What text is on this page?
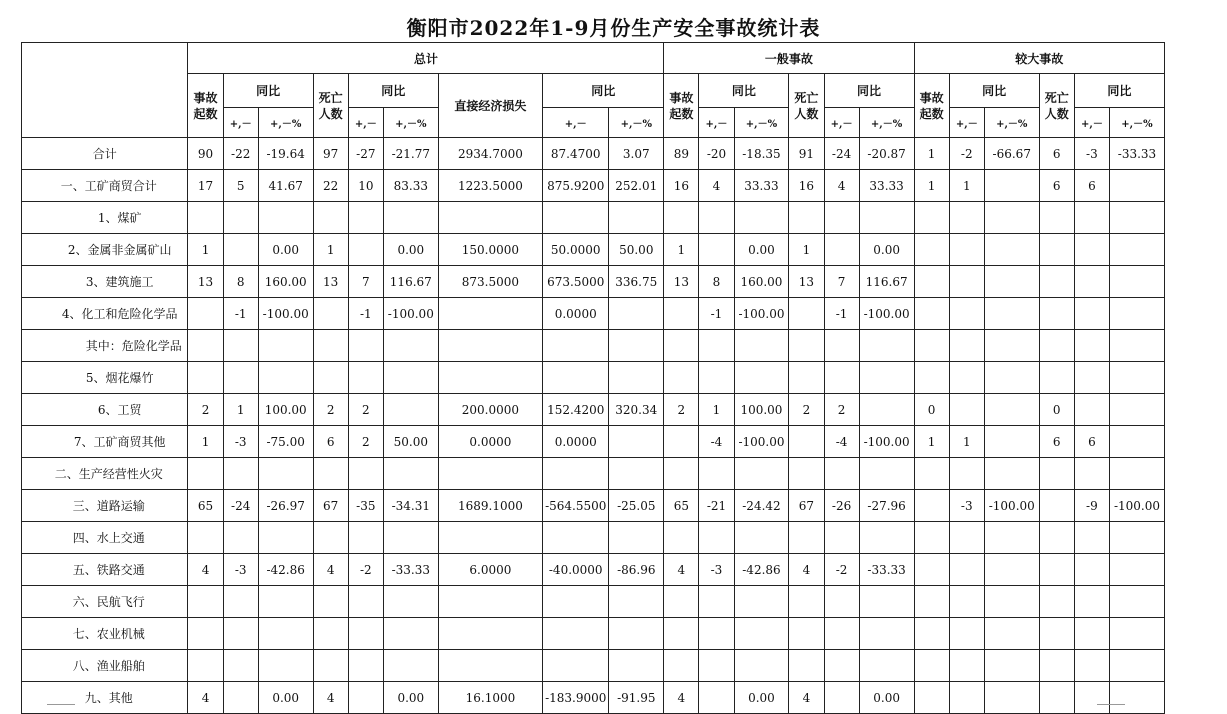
衡阳市2022年1-9月份生产安全事故统计表
	总计									一般事故						较大事故					
	事故起数	同比		死亡人数	同比		直接经济损失	同比		事故起数	同比		死亡人数	同比		事故起数	同比		死亡人数	同比	
		+,－	+,－%		+,－	+,－%		+,－	+,－%		+,－	+,－%		+,－	+,－%		+,－	+,－%		+,－	+,－%
合计	90	-22	-19.64	97	-27	-21.77	2934.7000	87.4700	3.07	89	-20	-18.35	91	-24	-20.87	1	-2	-66.67	6	-3	-33.33
一、工矿商贸合计	17	5	41.67	22	10	83.33	1223.5000	875.9200	252.01	16	4	33.33	16	4	33.33	1	1		6	6	
1、煤矿																					
2、金属非金属矿山	1		0.00	1		0.00	150.0000	50.0000	50.00	1		0.00	1		0.00						
3、建筑施工	13	8	160.00	13	7	116.67	873.5000	673.5000	336.75	13	8	160.00	13	7	116.67						
4、化工和危险化学品		-1	-100.00		-1	-100.00		0.0000			-1	-100.00		-1	-100.00						
其中：危险化学品																					
5、烟花爆竹																					
6、工贸	2	1	100.00	2	2		200.0000	152.4200	320.34	2	1	100.00	2	2		0			0		
7、工矿商贸其他	1	-3	-75.00	6	2	50.00	0.0000	0.0000			-4	-100.00		-4	-100.00	1	1		6	6	
二、生产经营性火灾																					
三、道路运输	65	-24	-26.97	67	-35	-34.31	1689.1000	-564.5500	-25.05	65	-21	-24.42	67	-26	-27.96		-3	-100.00		-9	-100.00
四、水上交通																					
五、铁路交通	4	-3	-42.86	4	-2	-33.33	6.0000	-40.0000	-86.96	4	-3	-42.86	4	-2	-33.33						
六、民航飞行																					
七、农业机械																					
八、渔业船舶																					
九、其他	4		0.00	4		0.00	16.1000	-183.9000	-91.95	4		0.00	4		0.00						
